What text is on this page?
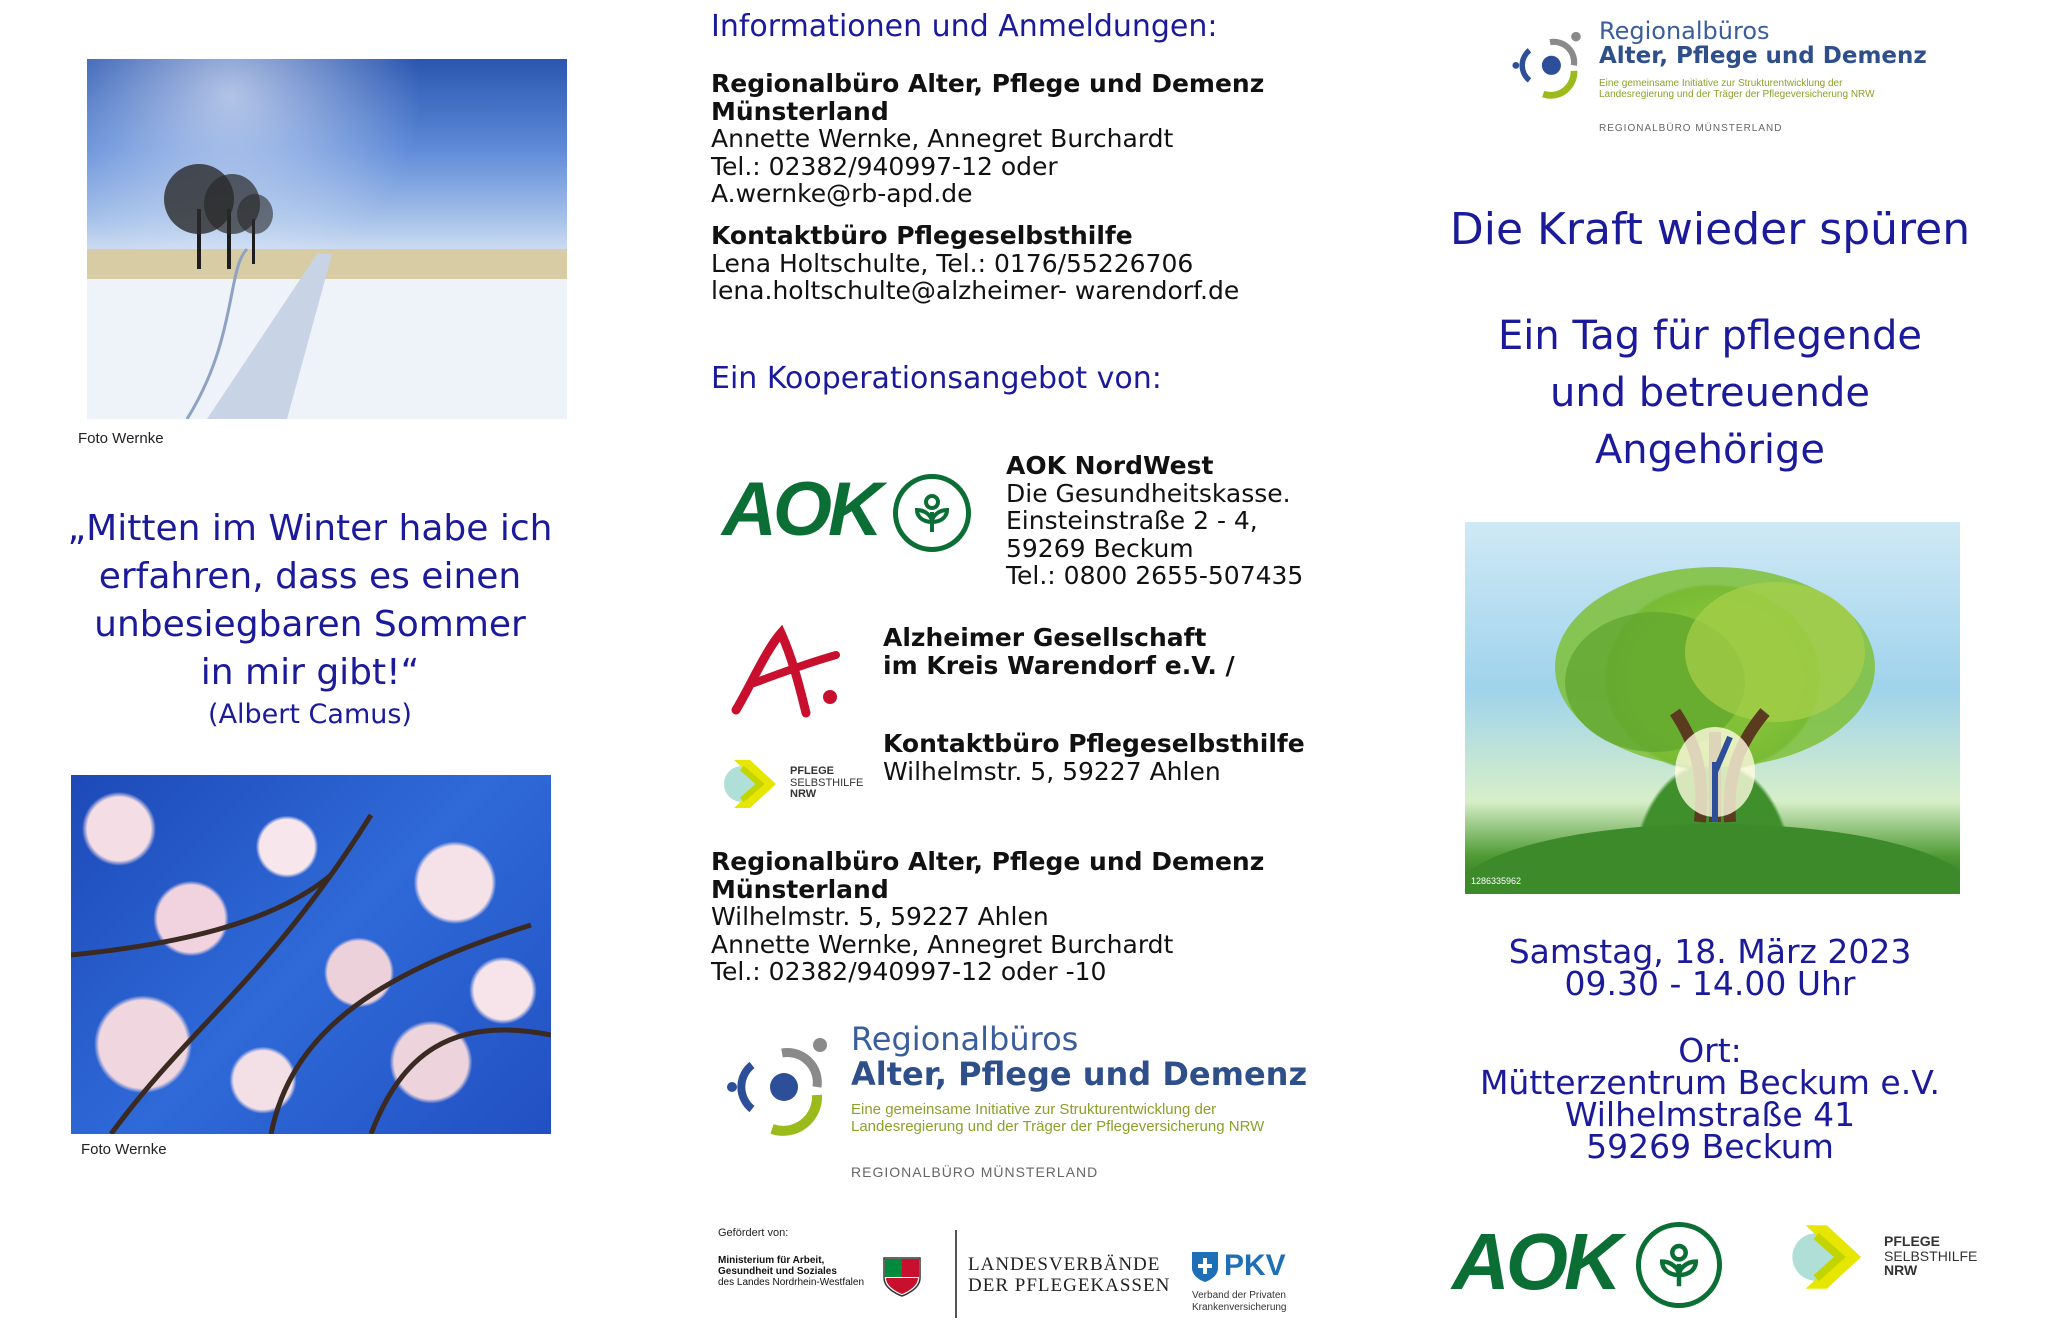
Foto Wernke
„Mitten im Winter habe ich
erfahren, dass es einen
unbesiegbaren Sommer
in mir gibt!“
(Albert Camus)
Foto Wernke
Informationen und Anmeldungen:
Regionalbüro Alter, Pflege und Demenz
Münsterland
Annette Wernke, Annegret Burchardt
Tel.: 02382/940997-12 oder
A.wernke@rb-apd.de
Kontaktbüro Pflegeselbsthilfe
Lena Holtschulte, Tel.: 0176/55226706
lena.holtschulte@alzheimer- warendorf.de
Ein Kooperationsangebot von:
AOK
AOK NordWest
Die Gesundheitskasse.
Einsteinstraße 2 - 4,
59269 Beckum
Tel.: 0800 2655-507435
Alzheimer Gesellschaft
im Kreis Warendorf e.V. /
PFLEGE
SELBSTHILFE
NRW
Kontaktbüro Pflegeselbsthilfe
Wilhelmstr. 5, 59227 Ahlen
Regionalbüro Alter, Pflege und Demenz
Münsterland
Wilhelmstr. 5, 59227 Ahlen
Annette Wernke, Annegret Burchardt
Tel.: 02382/940997-12 oder -10
Regionalbüros
Alter, Pflege und Demenz
Eine gemeinsame Initiative zur Strukturentwicklung der
Landesregierung und der Träger der Pflegeversicherung NRW
REGIONALBÜRO MÜNSTERLAND
Gefördert von:
Ministerium für Arbeit,
Gesundheit und Soziales
des Landes Nordrhein-Westfalen
LANDESVERBÄNDE
DER PFLEGEKASSEN
PKV
Verband der Privaten
Krankenversicherung
Regionalbüros
Alter, Pflege und Demenz
Eine gemeinsame Initiative zur Strukturentwicklung der
Landesregierung und der Träger der Pflegeversicherung NRW
REGIONALBÜRO MÜNSTERLAND
Die Kraft wieder spüren
Ein Tag für pflegende
und betreuende
Angehörige
1286335962
Samstag, 18. März 2023
09.30 - 14.00 Uhr
Ort:
Mütterzentrum Beckum e.V.
Wilhelmstraße 41
59269 Beckum
AOK	PFLEGE
SELBSTHILFE
NRW
